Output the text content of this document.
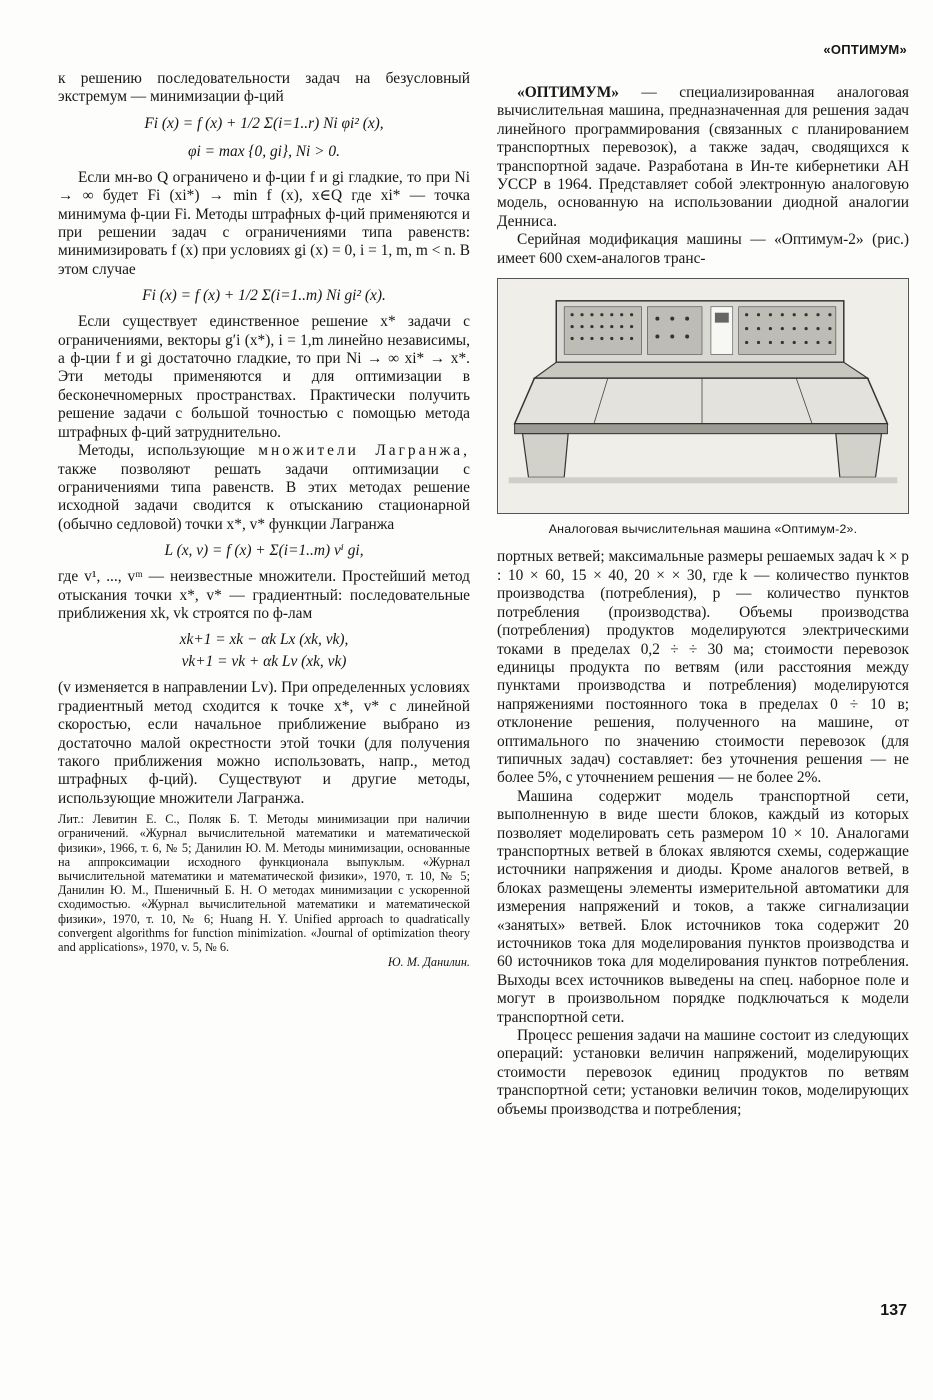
«ОПТИМУМ»

к решению последовательности задач на безусловный экстремум — минимизации ф-ций

Fi (x) = f (x) + 1/2 Σ(i=1..r) Ni φi² (x),
φi = max {0, gi}, Ni > 0.

Если мн-во Q ограничено и ф-ции f и gi гладкие, то при Ni → ∞ будет Fi (xi*) → min f (x), x∈Q где xi* — точка минимума ф-ции Fi. Методы штрафных ф-ций применяются и при решении задач с ограничениями типа равенств: минимизировать f (x) при условиях gi (x) = 0, i = 1, m, m < n. В этом случае

Fi (x) = f (x) + 1/2 Σ(i=1..m) Ni gi² (x).

Если существует единственное решение x* задачи с ограничениями, векторы g′i (x*), i = 1,m линейно независимы, а ф-ции f и gi достаточно гладкие, то при Ni → ∞ xi* → x*. Эти методы применяются и для оптимизации в бесконечномерных пространствах. Практически получить решение задачи с большой точностью с помощью метода штрафных ф-ций затруднительно.

Методы, использующие множители Лагранжа, также позволяют решать задачи оптимизации с ограничениями типа равенств. В этих методах решение исходной задачи сводится к отысканию стационарной (обычно седловой) точки x*, v* функции Лагранжа

L (x, v) = f (x) + Σ(i=1..m) vⁱ gi,

где v¹, ..., vᵐ — неизвестные множители. Простейший метод отыскания точки x*, v* — градиентный: последовательные приближения xk, vk строятся по ф-лам

xk+1 = xk − αk Lx (xk, vk),
vk+1 = vk + αk Lv (xk, vk)

(v изменяется в направлении Lv). При определенных условиях градиентный метод сходится к точке x*, v* с линейной скоростью, если начальное приближение выбрано из достаточно малой окрестности этой точки (для получения такого приближения можно использовать, напр., метод штрафных ф-ций). Существуют и другие методы, использующие множители Лагранжа.

Лит.: Левитин Е. С., Поляк Б. Т. Методы минимизации при наличии ограничений. «Журнал вычислительной математики и математической физики», 1966, т. 6, № 5; Данилин Ю. М. Методы минимизации, основанные на аппроксимации исходного функционала выпуклым. «Журнал вычислительной математики и математической физики», 1970, т. 10, № 5; Данилин Ю. М., Пшеничный Б. Н. О методах минимизации с ускоренной сходимостью. «Журнал вычислительной математики и математической физики», 1970, т. 10, № 6; Huang H. Y. Unified approach to quadratically convergent algorithms for function minimization. «Journal of optimization theory and applications», 1970, v. 5, № 6.
Ю. М. Данилин.

«ОПТИМУМ» — специализированная аналоговая вычислительная машина, предназначенная для решения задач линейного программирования (связанных с планированием транспортных перевозок), а также задач, сводящихся к транспортной задаче. Разработана в Ин-те кибернетики АН УССР в 1964. Представляет собой электронную аналоговую модель, основанную на использовании диодной аналогии Денниса.

Серийная модификация машины — «Оптимум-2» (рис.) имеет 600 схем-аналогов транс-

Аналоговая вычислительная машина «Оптимум-2».

портных ветвей; максимальные размеры решаемых задач k × p : 10 × 60, 15 × 40, 20 × × 30, где k — количество пунктов производства (потребления), p — количество пунктов потребления (производства). Объемы производства (потребления) продуктов моделируются электрическими токами в пределах 0,2 ÷ ÷ 30 ма; стоимости перевозок единицы продукта по ветвям (или расстояния между пунктами производства и потребления) моделируются напряжениями постоянного тока в пределах 0 ÷ 10 в; отклонение решения, полученного на машине, от оптимального по значению стоимости перевозок (для типичных задач) составляет: без уточнения решения — не более 5%, с уточнением решения — не более 2%.

Машина содержит модель транспортной сети, выполненную в виде шести блоков, каждый из которых позволяет моделировать сеть размером 10 × 10. Аналогами транспортных ветвей в блоках являются схемы, содержащие источники напряжения и диоды. Кроме аналогов ветвей, в блоках размещены элементы измерительной автоматики для измерения напряжений и токов, а также сигнализации «занятых» ветвей. Блок источников тока содержит 20 источников тока для моделирования пунктов производства и 60 источников тока для моделирования пунктов потребления. Выходы всех источников выведены на спец. наборное поле и могут в произвольном порядке подключаться к модели транспортной сети.

Процесс решения задачи на машине состоит из следующих операций: установки величин напряжений, моделирующих стоимости перевозок единиц продуктов по ветвям транспортной сети; установки величин токов, моделирующих объемы производства и потребления;

137
